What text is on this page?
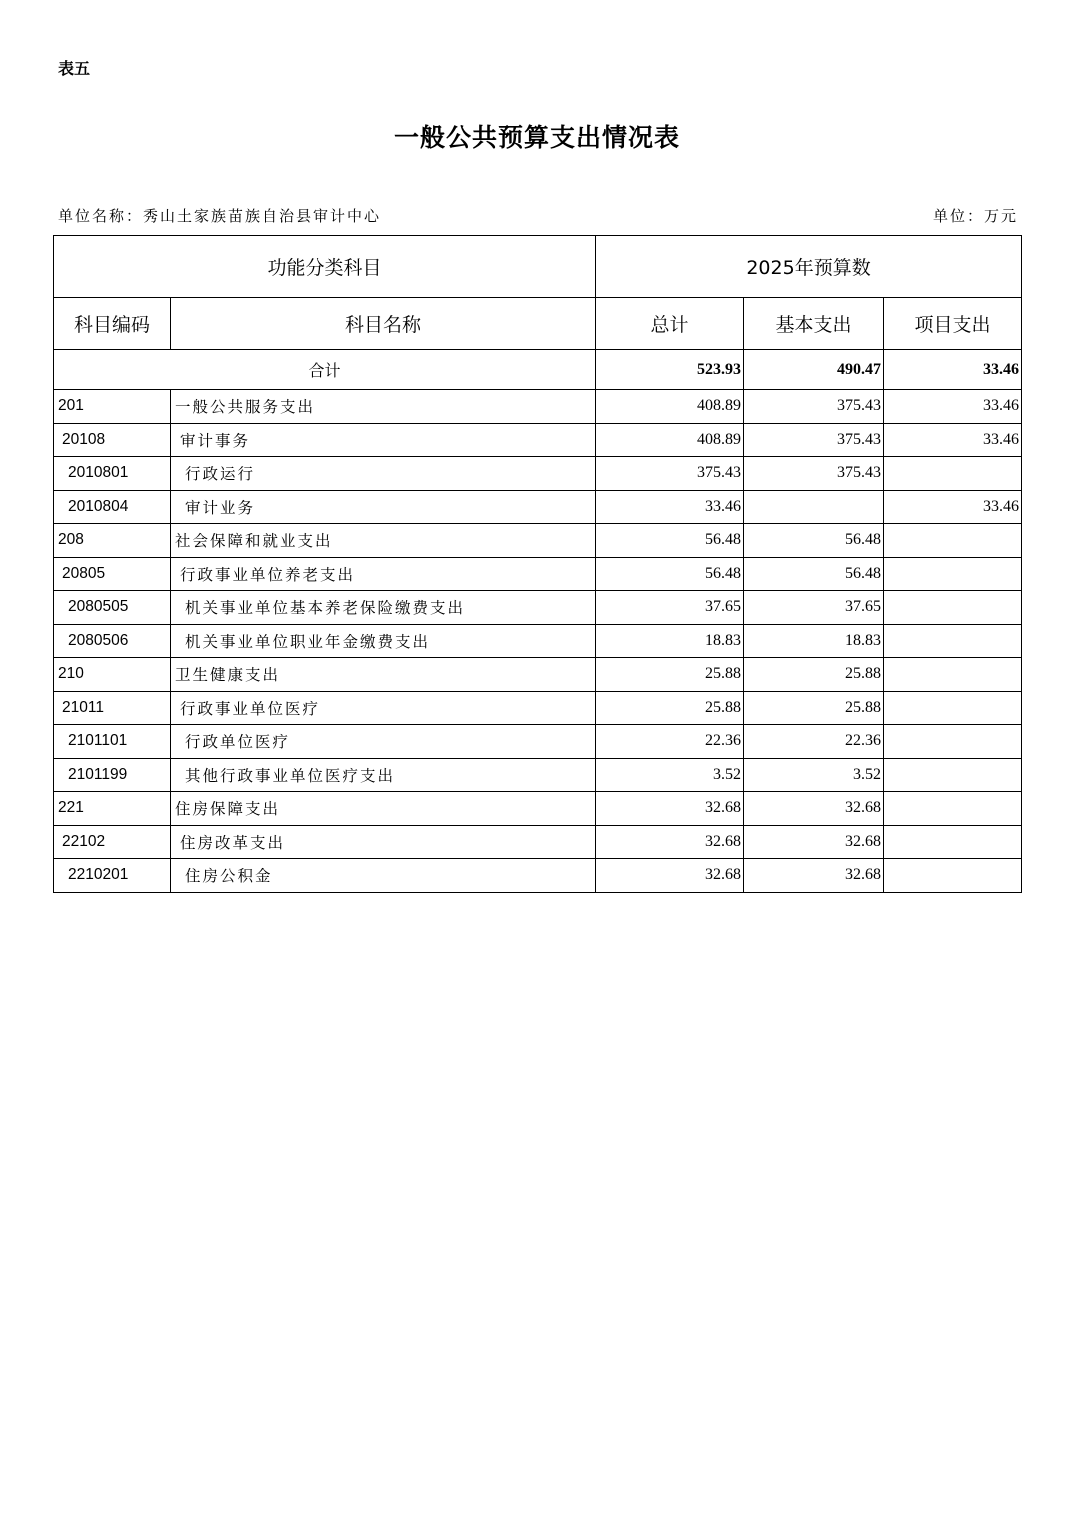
表五
一般公共预算支出情况表
单位名称：秀山土家族苗族自治县审计中心	单位：万元
功能分类科目		2025年预算数		
科目编码	科目名称	总计	基本支出	项目支出
合计		523.93	490.47	33.46
201	一般公共服务支出	408.89	375.43	33.46
20108	审计事务	408.89	375.43	33.46
2010801	行政运行	375.43	375.43	
2010804	审计业务	33.46		33.46
208	社会保障和就业支出	56.48	56.48	
20805	行政事业单位养老支出	56.48	56.48	
2080505	机关事业单位基本养老保险缴费支出	37.65	37.65	
2080506	机关事业单位职业年金缴费支出	18.83	18.83	
210	卫生健康支出	25.88	25.88	
21011	行政事业单位医疗	25.88	25.88	
2101101	行政单位医疗	22.36	22.36	
2101199	其他行政事业单位医疗支出	3.52	3.52	
221	住房保障支出	32.68	32.68	
22102	住房改革支出	32.68	32.68	
2210201	住房公积金	32.68	32.68	
